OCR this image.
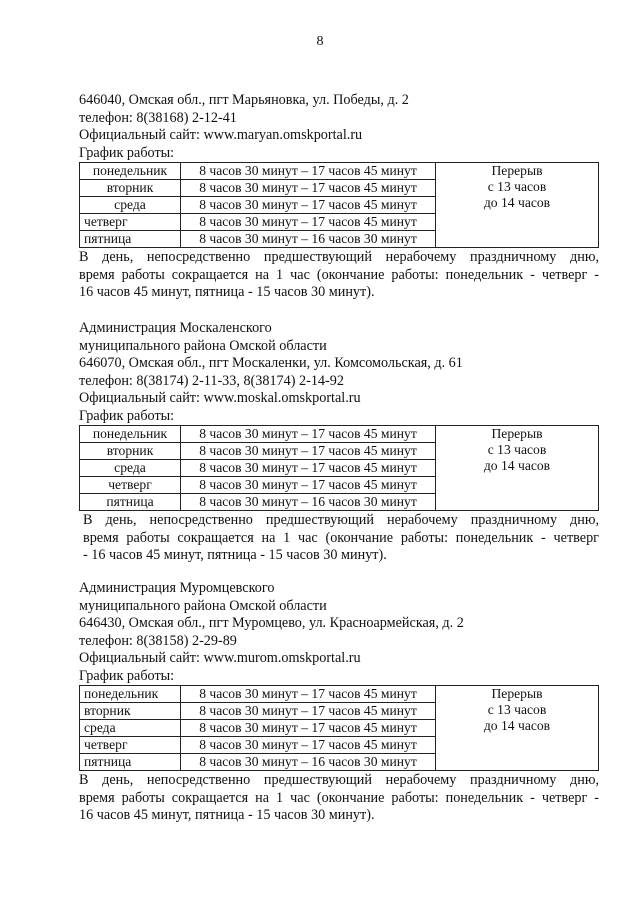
8
646040, Омская обл., пгт Марьяновка, ул. Победы, д. 2
телефон: 8(38168) 2-12-41
Официальный сайт: www.maryan.omskportal.ru
График работы:
понедельник	8 часов 30 минут – 17 часов 45 минут	Перерыв
с 13 часов
до 14 часов

вторник	8 часов 30 минут – 17 часов 45 минут	
среда	8 часов 30 минут – 17 часов 45 минут	
четверг	8 часов 30 минут – 17 часов 45 минут	
пятница	8 часов 30 минут – 16 часов 30 минут	
В день, непосредственно предшествующий нерабочему праздничному дню,
время работы сокращается на 1 час (окончание работы: понедельник - четверг -
16 часов 45 минут, пятница - 15 часов 30 минут).
Администрация Москаленского
муниципального района Омской области
646070, Омская обл., пгт Москаленки, ул. Комсомольская, д. 61
телефон: 8(38174) 2-11-33, 8(38174) 2-14-92
Официальный сайт: www.moskal.omskportal.ru
График работы:
понедельник	8 часов 30 минут – 17 часов 45 минут	Перерыв
с 13 часов
до 14 часов

вторник	8 часов 30 минут – 17 часов 45 минут	
среда	8 часов 30 минут – 17 часов 45 минут	
четверг	8 часов 30 минут – 17 часов 45 минут	
пятница	8 часов 30 минут – 16 часов 30 минут	
В день, непосредственно предшествующий нерабочему праздничному дню,
время работы сокращается на 1 час (окончание работы: понедельник - четверг
- 16 часов 45 минут, пятница - 15 часов 30 минут).
Администрация Муромцевского
муниципального района Омской области
646430, Омская обл., пгт Муромцево, ул. Красноармейская, д. 2
телефон: 8(38158) 2-29-89
Официальный сайт: www.murom.omskportal.ru
График работы:
понедельник	8 часов 30 минут – 17 часов 45 минут	Перерыв
с 13 часов
до 14 часов

вторник	8 часов 30 минут – 17 часов 45 минут	
среда	8 часов 30 минут – 17 часов 45 минут	
четверг	8 часов 30 минут – 17 часов 45 минут	
пятница	8 часов 30 минут – 16 часов 30 минут	
В день, непосредственно предшествующий нерабочему праздничному дню,
время работы сокращается на 1 час (окончание работы: понедельник - четверг -
16 часов 45 минут, пятница - 15 часов 30 минут).
